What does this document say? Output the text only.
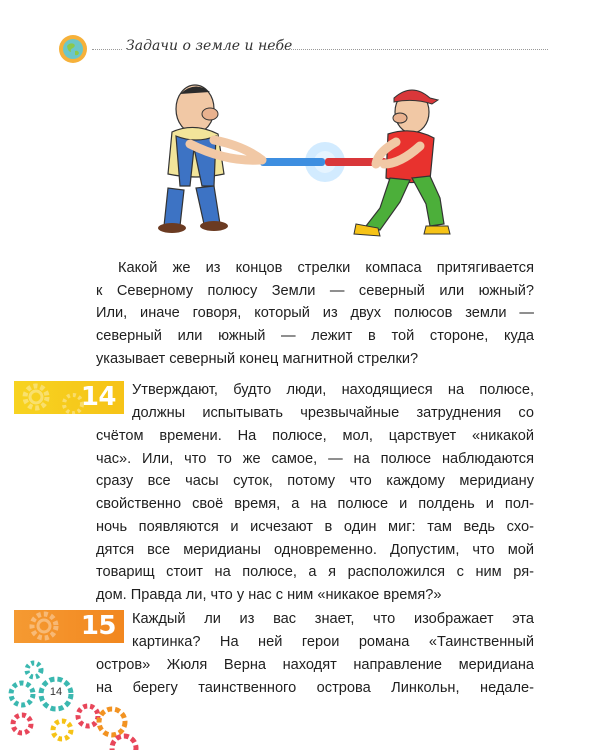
Задачи о земле и небе
Какой же из концов стрелки компаса притягивается
к Северному полюсу Земли — северный или южный?
Или, иначе говоря, который из двух полюсов земли —
северный или южный — лежит в той стороне, куда
указывает северный конец магнитной стрелки?
14 Утверждают, будто люди, находящиеся на полюсе,
должны испытывать чрезвычайные затруднения со
счётом времени. На полюсе, мол, царствует «никакой
час». Или, что то же самое, — на полюсе наблюдаются
сразу все часы суток, потому что каждому меридиану
свойственно своё время, а на полюсе и полдень и пол-
ночь появляются и исчезают в один миг: там ведь схо-
дятся все меридианы одновременно. Допустим, что мой
товарищ стоит на полюсе, а я расположился с ним ря-
дом. Правда ли, что у нас с ним «никакое время?»
15 Каждый ли из вас знает, что изображает эта
картинка? На ней герои романа «Таинственный
остров» Жюля Верна находят направление меридиана
на берегу таинственного острова Линкольн, недале-
14
